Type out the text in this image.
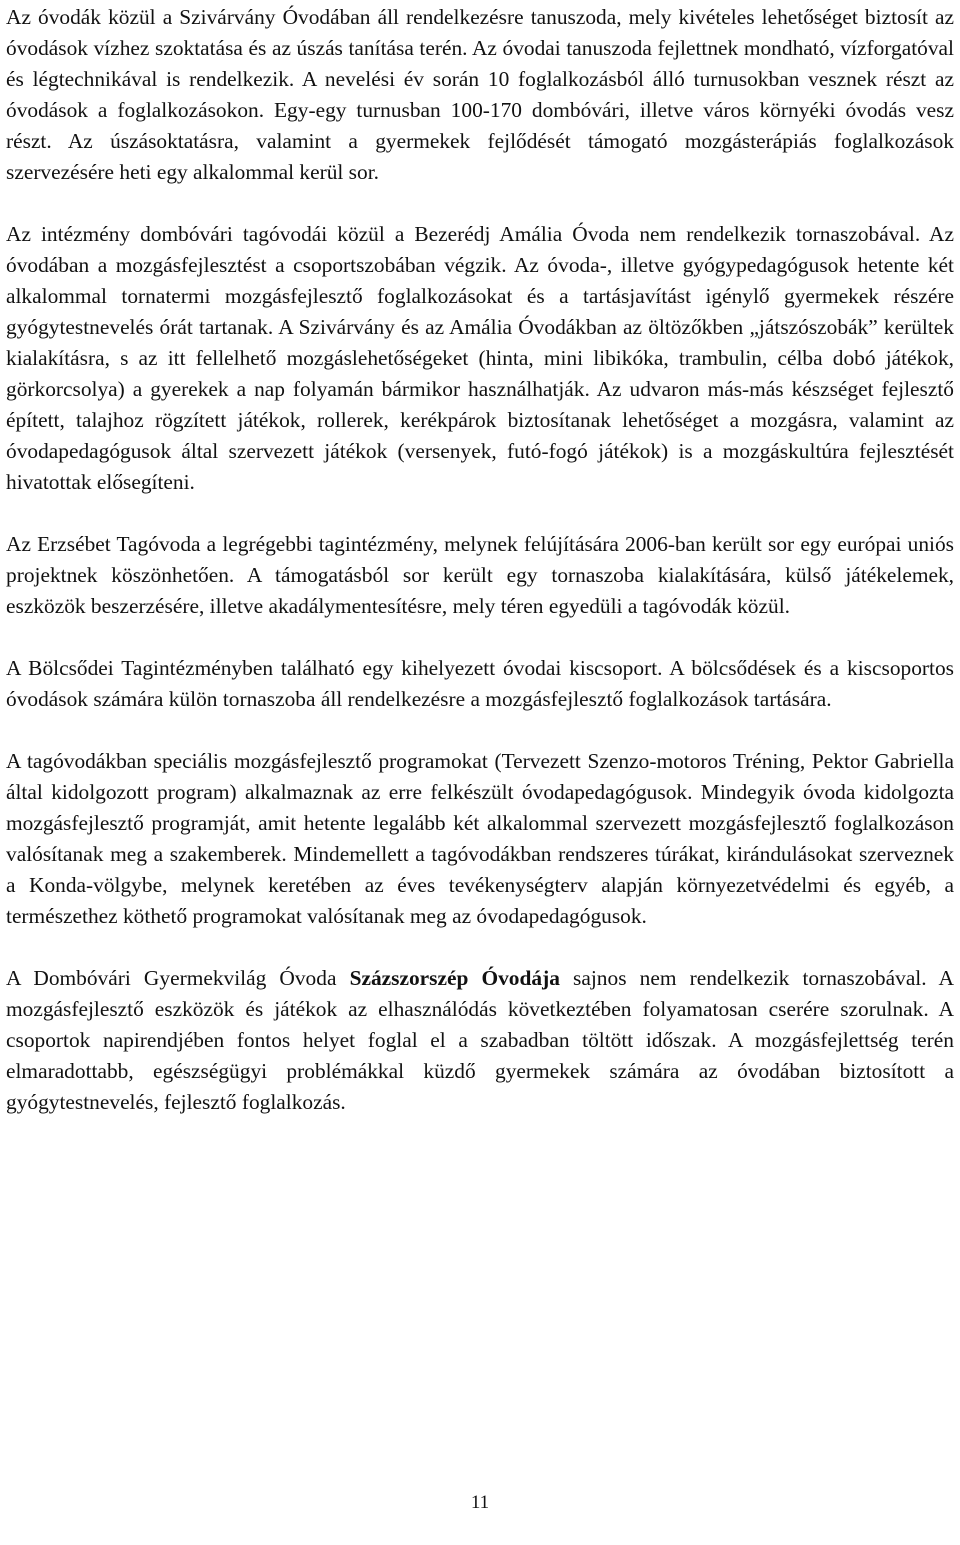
Az óvodák közül a Szivárvány Óvodában áll rendelkezésre tanuszoda, mely kivételes lehetőséget biztosít az óvodások vízhez szoktatása és az úszás tanítása terén. Az óvodai tanuszoda fejlettnek mondható, vízforgatóval és légtechnikával is rendelkezik. A nevelési év során 10 foglalkozásból álló turnusokban vesznek részt az óvodások a foglalkozásokon. Egy-egy turnusban 100-170 dombóvári, illetve város környéki óvodás vesz részt. Az úszásoktatásra, valamint a gyermekek fejlődését támogató mozgásterápiás foglalkozások szervezésére heti egy alkalommal kerül sor.

Az intézmény dombóvári tagóvodái közül a Bezerédj Amália Óvoda nem rendelkezik tornaszobával. Az óvodában a mozgásfejlesztést a csoportszobában végzik. Az óvoda-, illetve gyógypedagógusok hetente két alkalommal tornatermi mozgásfejlesztő foglalkozásokat és a tartásjavítást igénylő gyermekek részére gyógytestnevelés órát tartanak. A Szivárvány és az Amália Óvodákban az öltözőkben „játszószobák” kerültek kialakításra, s az itt fellelhető mozgáslehetőségeket (hinta, mini libikóka, trambulin, célba dobó játékok, görkorcsolya) a gyerekek a nap folyamán bármikor használhatják. Az udvaron más-más készséget fejlesztő épített, talajhoz rögzített játékok, rollerek, kerékpárok biztosítanak lehetőséget a mozgásra, valamint az óvodapedagógusok által szervezett játékok (versenyek, futó-fogó játékok) is a mozgáskultúra fejlesztését hivatottak elősegíteni.

Az Erzsébet Tagóvoda a legrégebbi tagintézmény, melynek felújítására 2006-ban került sor egy európai uniós projektnek köszönhetően. A támogatásból sor került egy tornaszoba kialakítására, külső játékelemek, eszközök beszerzésére, illetve akadálymentesítésre, mely téren egyedüli a tagóvodák közül.

A Bölcsődei Tagintézményben található egy kihelyezett óvodai kiscsoport. A bölcsődések és a kiscsoportos óvodások számára külön tornaszoba áll rendelkezésre a mozgásfejlesztő foglalkozások tartására.

A tagóvodákban speciális mozgásfejlesztő programokat (Tervezett Szenzo-motoros Tréning, Pektor Gabriella által kidolgozott program) alkalmaznak az erre felkészült óvodapedagógusok. Mindegyik óvoda kidolgozta mozgásfejlesztő programját, amit hetente legalább két alkalommal szervezett mozgásfejlesztő foglalkozáson valósítanak meg a szakemberek. Mindemellett a tagóvodákban rendszeres túrákat, kirándulásokat szerveznek a Konda-völgybe, melynek keretében az éves tevékenységterv alapján környezetvédelmi és egyéb, a természethez köthető programokat valósítanak meg az óvodapedagógusok.

A Dombóvári Gyermekvilág Óvoda Százszorszép Óvodája sajnos nem rendelkezik tornaszobával. A mozgásfejlesztő eszközök és játékok az elhasználódás következtében folyamatosan cserére szorulnak. A csoportok napirendjében fontos helyet foglal el a szabadban töltött időszak. A mozgásfejlettség terén elmaradottabb, egészségügyi problémákkal küzdő gyermekek számára az óvodában biztosított a gyógytestnevelés, fejlesztő foglalkozás.

11
